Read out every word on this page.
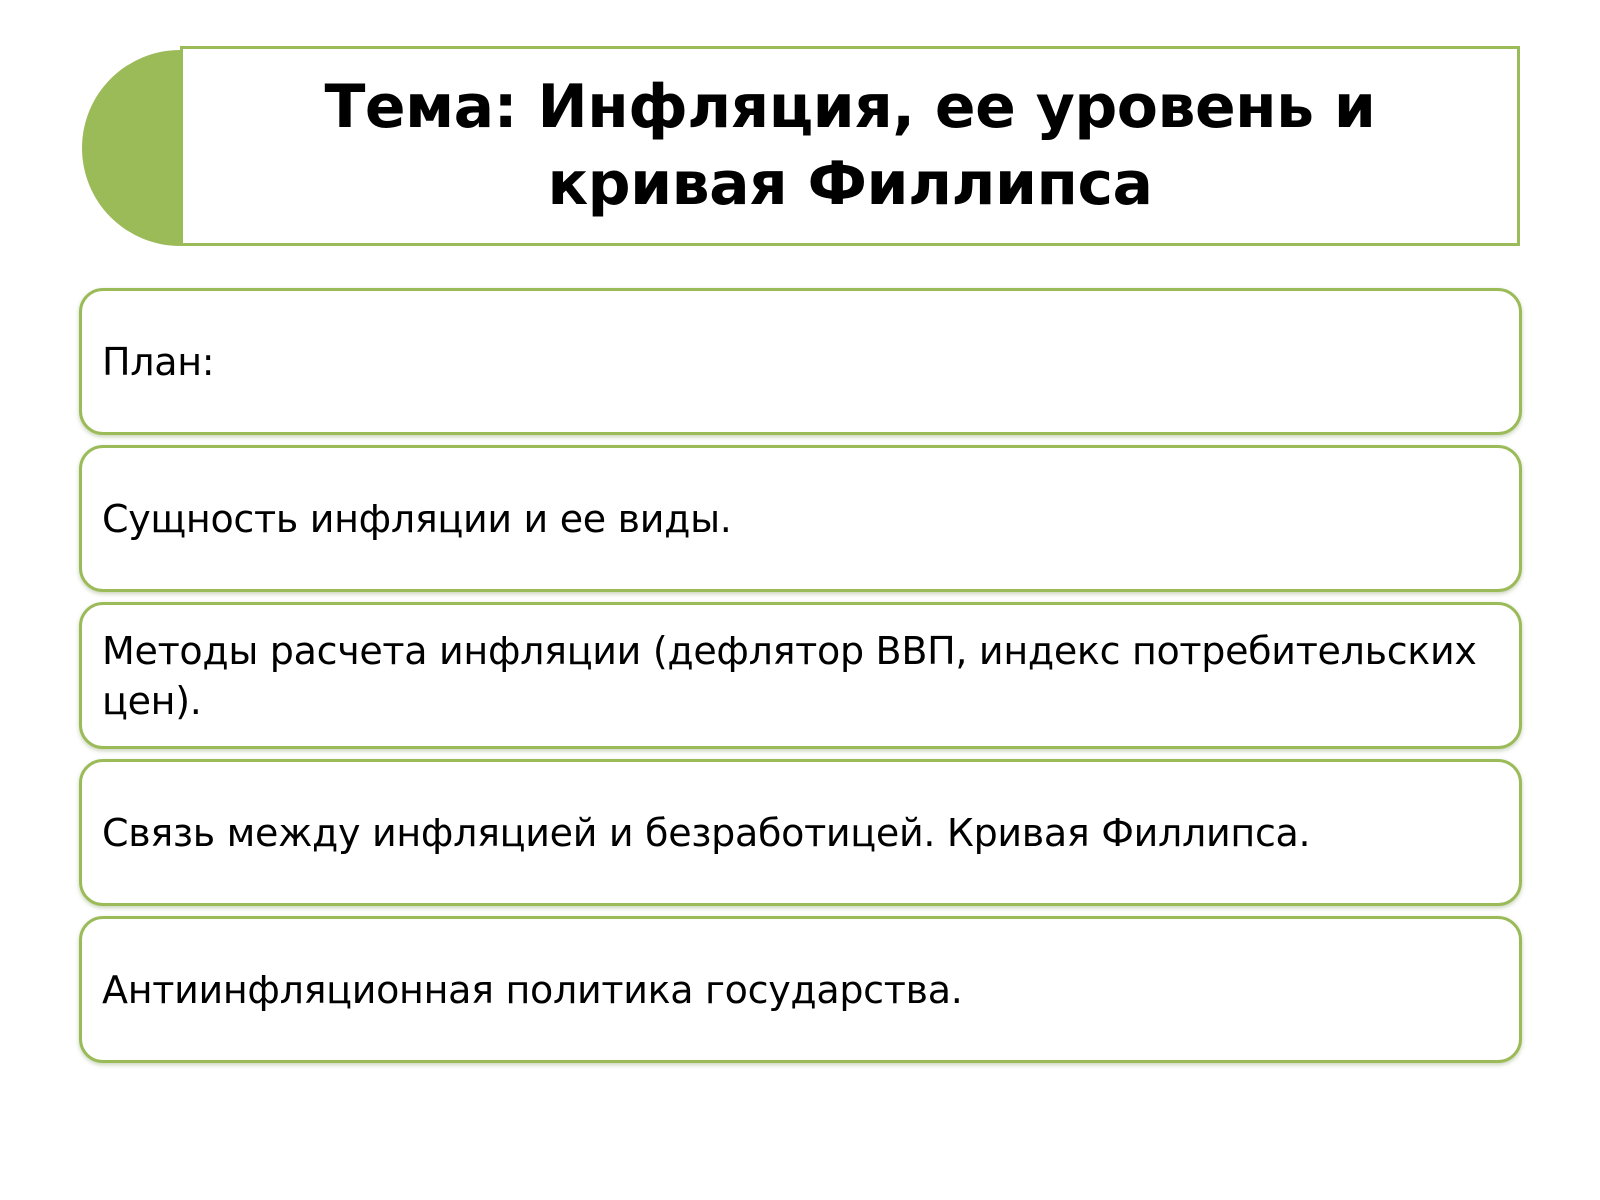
Тема: Инфляция, ее уровень и кривая Филлипса
План:
Сущность инфляции и ее виды.
Методы расчета инфляции (дефлятор ВВП, индекс потребительских цен).
Связь между инфляцией и безработицей. Кривая Филлипса.
Антиинфляционная политика государства.
